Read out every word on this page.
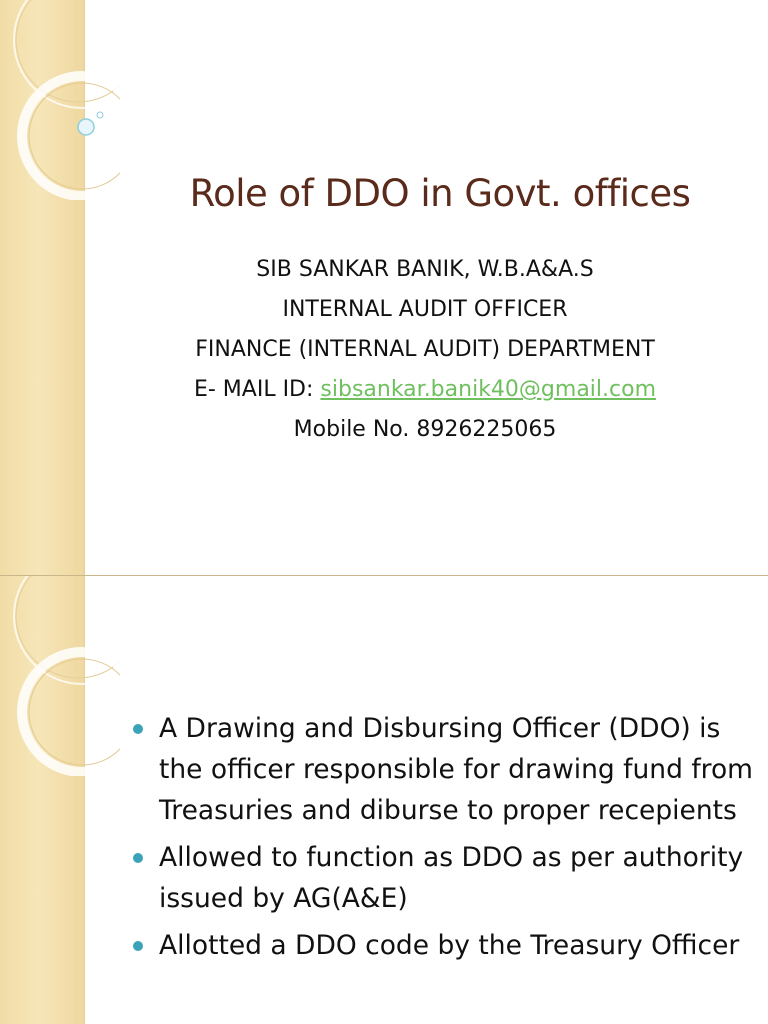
Role of DDO in Govt. offices
SIB SANKAR BANIK, W.B.A&A.S
INTERNAL AUDIT OFFICER
FINANCE (INTERNAL AUDIT) DEPARTMENT
E- MAIL ID: sibsankar.banik40@gmail.com
Mobile No. 8926225065
A Drawing and Disbursing Officer (DDO) is the officer responsible for drawing fund from Treasuries and diburse to proper recepients
Allowed to function as DDO as per authority issued by AG(A&E)
Allotted a DDO code by the Treasury Officer
